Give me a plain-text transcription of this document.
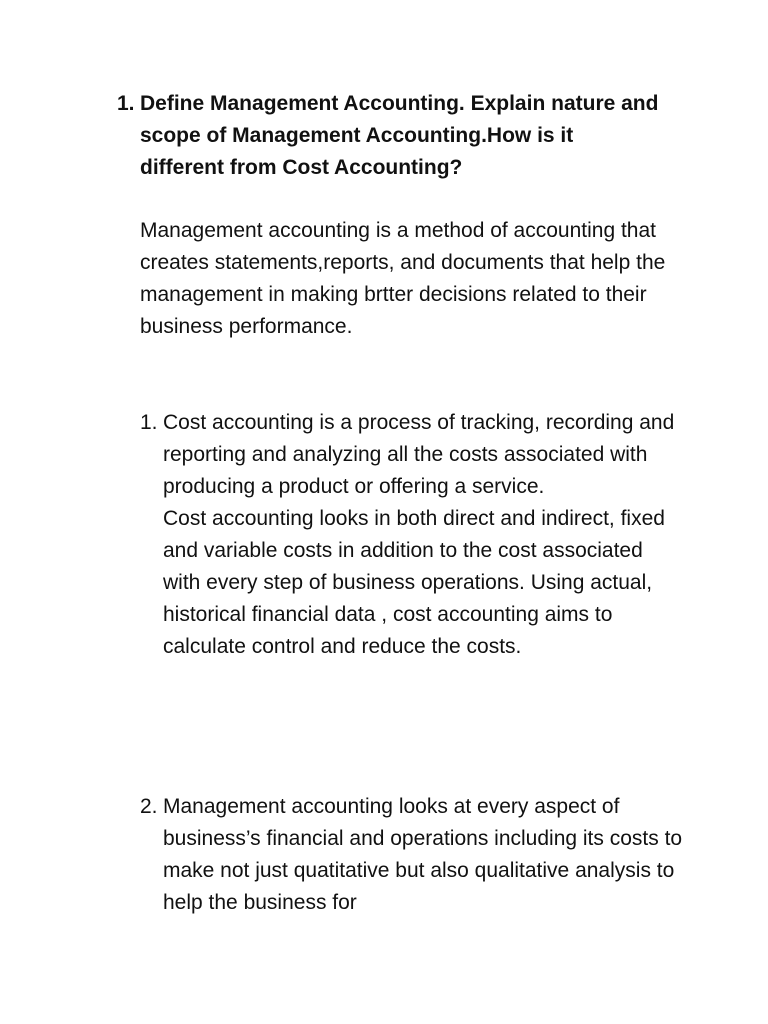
1. Define Management Accounting. Explain nature and scope of Management Accounting.How is it different from Cost Accounting?
Management accounting is a method of accounting that creates statements,reports, and documents that help the management in making brtter decisions related to their business performance.
1. Cost accounting is a process of tracking, recording and reporting and analyzing all the costs associated with producing a product or offering a service.

Cost accounting looks in both direct and indirect, fixed and variable costs in addition to the cost associated with every step of business operations. Using actual, historical financial data , cost accounting aims to calculate control and reduce the costs.

2. Management accounting looks at every aspect of business’s financial and operations including its costs to make not just quatitative but also qualitative analysis to help the business for
